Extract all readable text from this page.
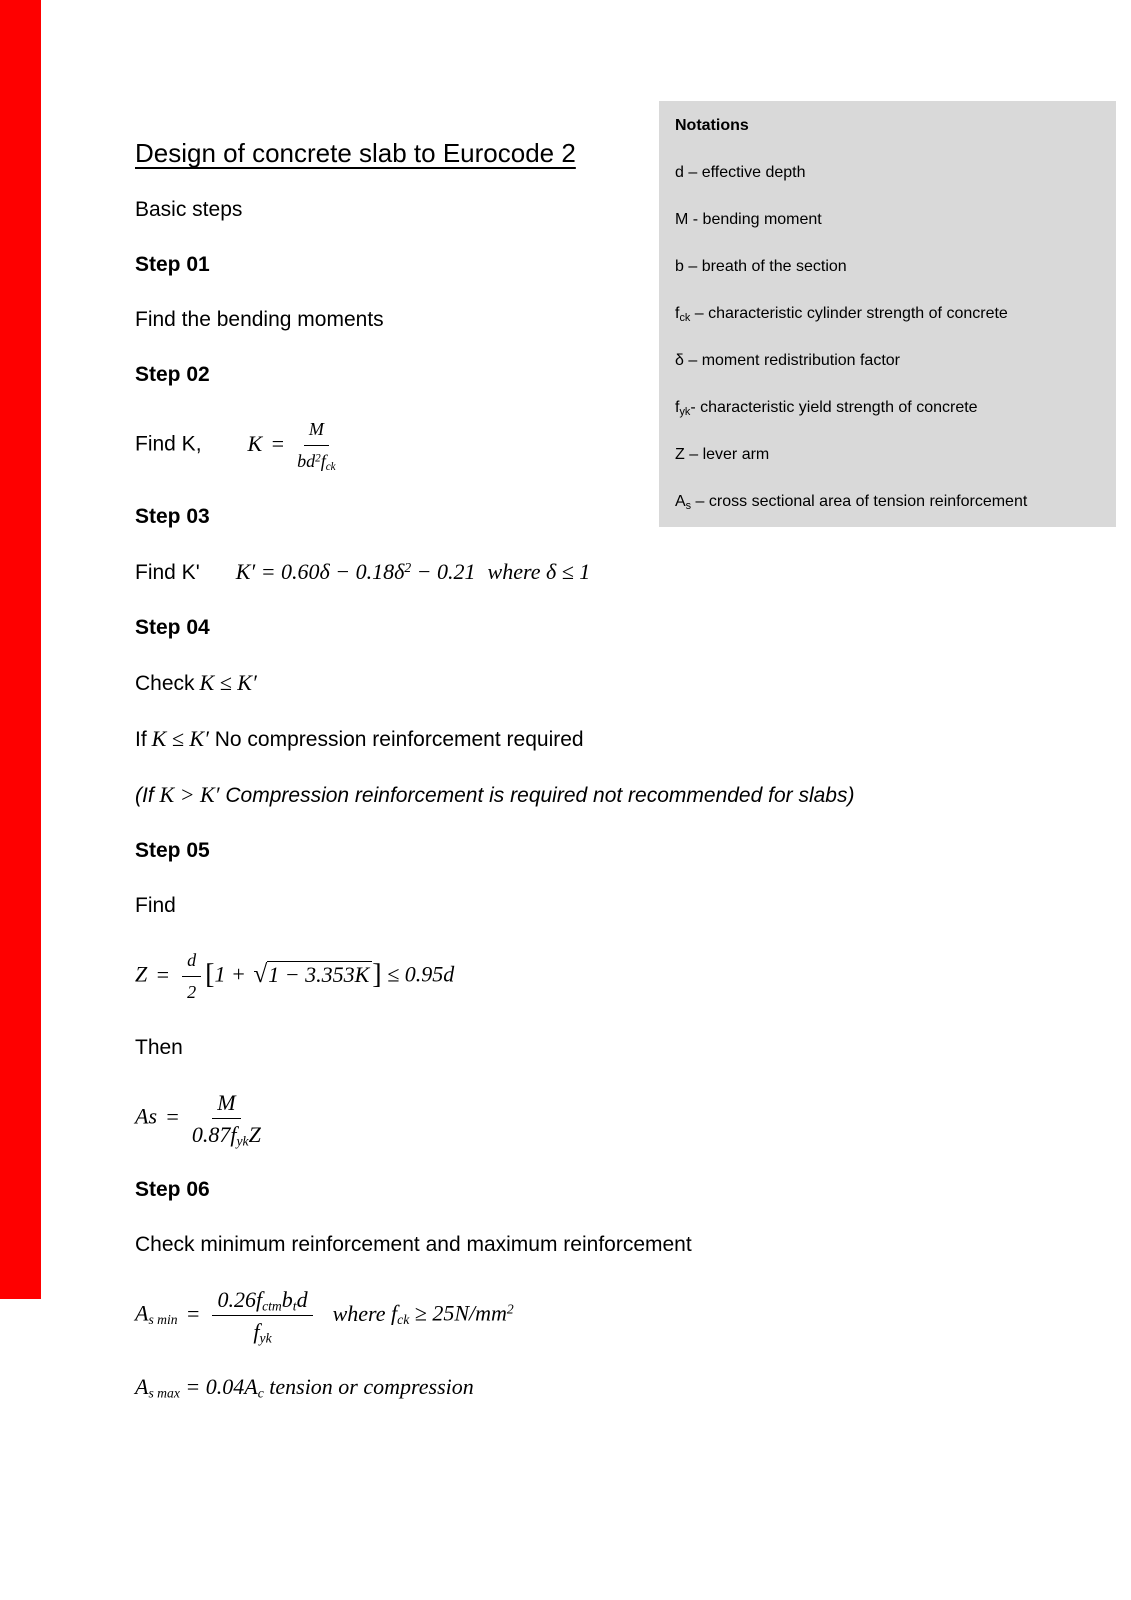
Notations
d – effective depth
M - bending moment
b – breath of the section
$f_{ck}$ – characteristic cylinder strength of concrete
δ – moment redistribution factor
$f_{yk}-$ characteristic yield strength of concrete
Z – lever arm
$A_s$ – cross sectional area of tension reinforcement
Design of concrete slab to Eurocode 2
Basic steps
Step 01
Find the bending moments
Step 02
Find K, $K = \frac{M}{bd^2f_{ck}}$
Step 03
Find K' $K' = 0.60\delta - 0.18\delta^2 - 0.21$ where δ ≤ 1
Step 04
Check K ≤ K′
If K ≤ K′ No compression reinforcement required
(If K > K′ Compression reinforcement is required not recommended for slabs)
Step 05
Find
$Z = \frac{d}{2} [1 + √1 - 3.353K$ ] ≤ 0.95d
Then
$As = \frac{M}{0.87f_{yk}Z}$
Step 06
Check minimum reinforcement and maximum reinforcement
$A_{s min} = \frac{0.26f_{ctm}b_td}{f_{yk}}$ where $f_{ck} \ge 25N/mm^2$
$A_{s max} = 0.04A_c$ tension or compression
